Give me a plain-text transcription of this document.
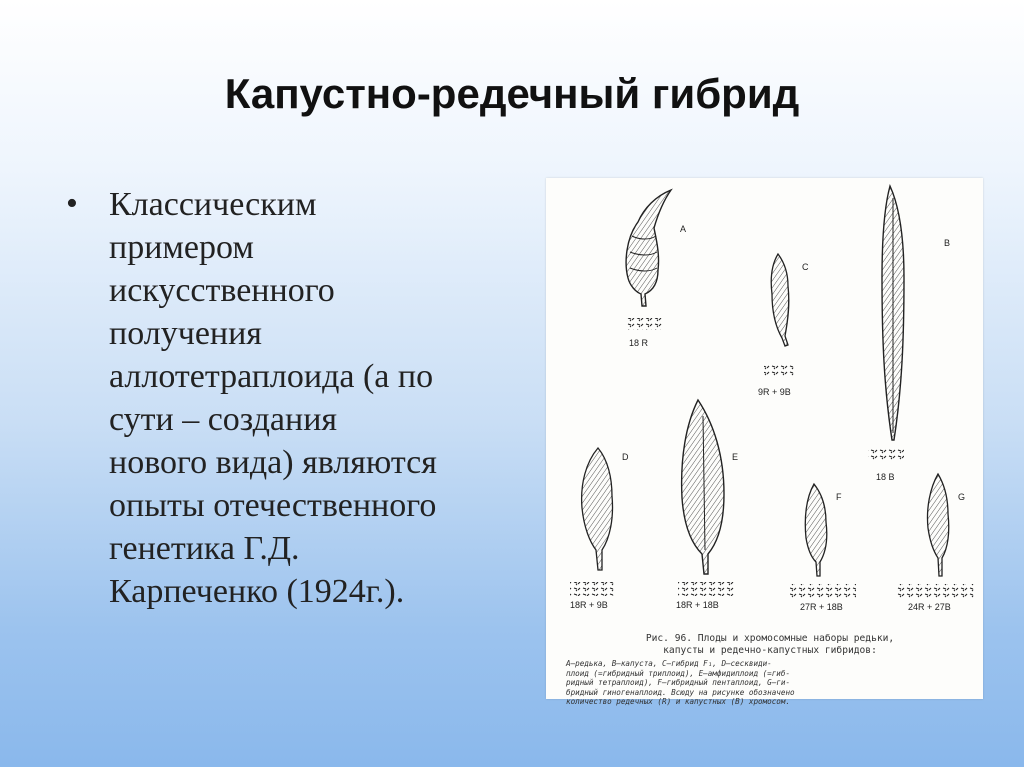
Капустно-редечный гибрид
• Классическим
примером
искусственного
получения
аллотетраплоида (а по
сути – создания
нового вида) являются
опыты отечественного
генетика Г.Д.
Карпеченко (1924г.).
A
18 R
C
9R + 9B
B
18 B
D
18R + 9B
E
18R + 18B
F
27R + 18B
G
24R + 27B
Рис. 96. Плоды и хромосомные наборы редьки,
капусты и редечно-капустных гибридов:
A—редька, B—капуста, C—гибрид F₁, D—сесквиди-
плоид (=гибридный триплоид), E—амфидиплоид (=гиб-
ридный тетраплоид), F—гибридный пентаплоид, G—ги-
бридный гиногенаплоид. Всюду на рисунке обозначено
количество редечных (R) и капустных (B) хромосом.
